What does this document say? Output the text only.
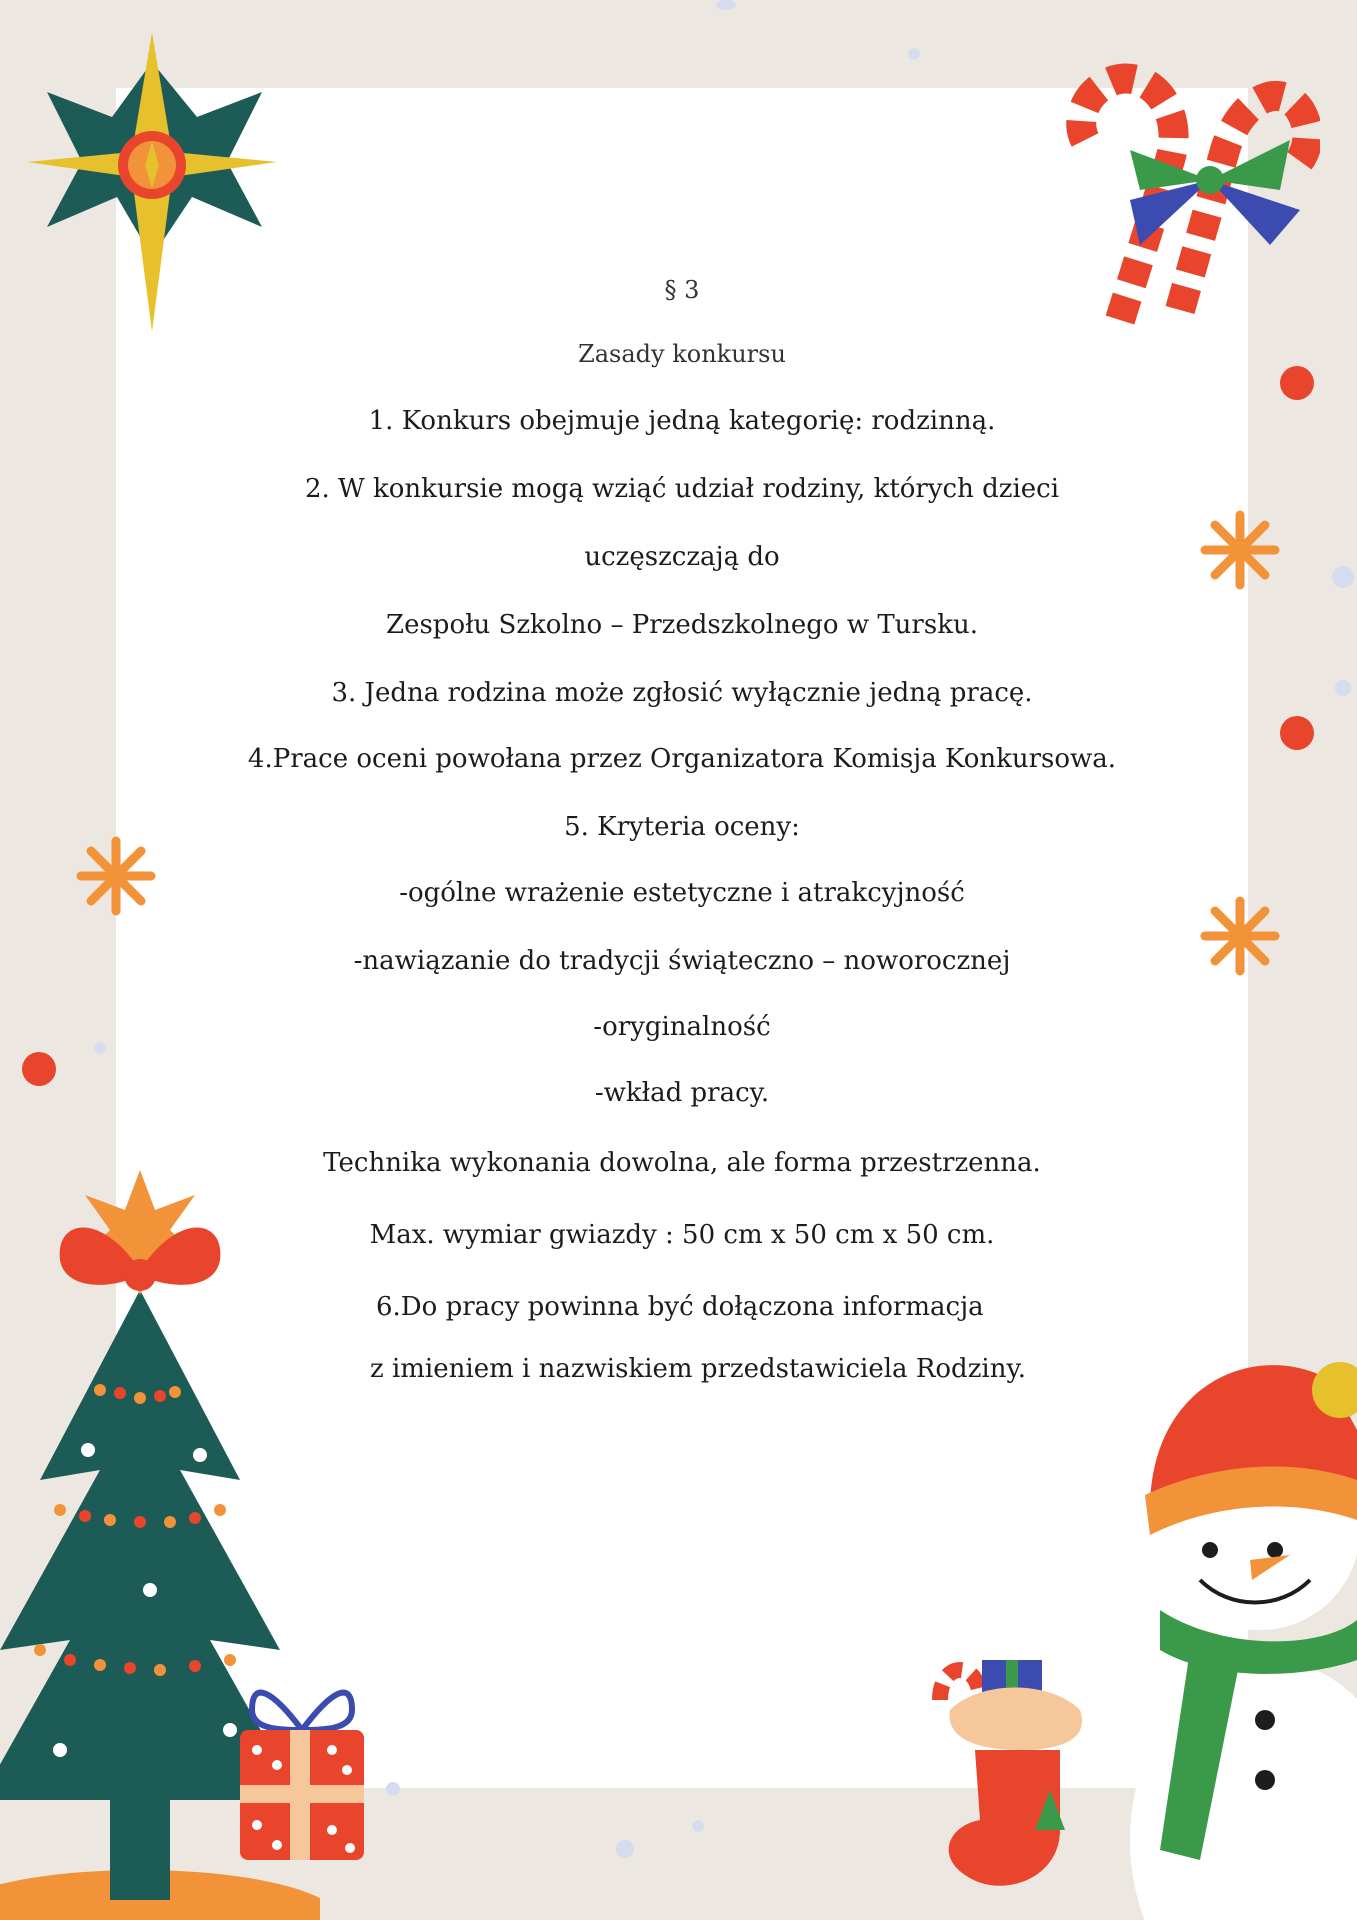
§ 3
Zasady konkursu
1. Konkurs obejmuje jedną kategorię: rodzinną.
2. W konkursie mogą wziąć udział rodziny, których dzieci
uczęszczają do
Zespołu Szkolno – Przedszkolnego w Tursku.
3. Jedna rodzina może zgłosić wyłącznie jedną pracę.
4.Prace oceni powołana przez Organizatora Komisja Konkursowa.
5. Kryteria oceny:
-ogólne wrażenie estetyczne i atrakcyjność
-nawiązanie do tradycji świąteczno – noworocznej
-oryginalność
-wkład pracy.
Technika wykonania dowolna, ale forma przestrzenna.
Max. wymiar gwiazdy : 50 cm x 50 cm x 50 cm.
6.Do pracy powinna być dołączona informacja
z imieniem i nazwiskiem przedstawiciela Rodziny.
